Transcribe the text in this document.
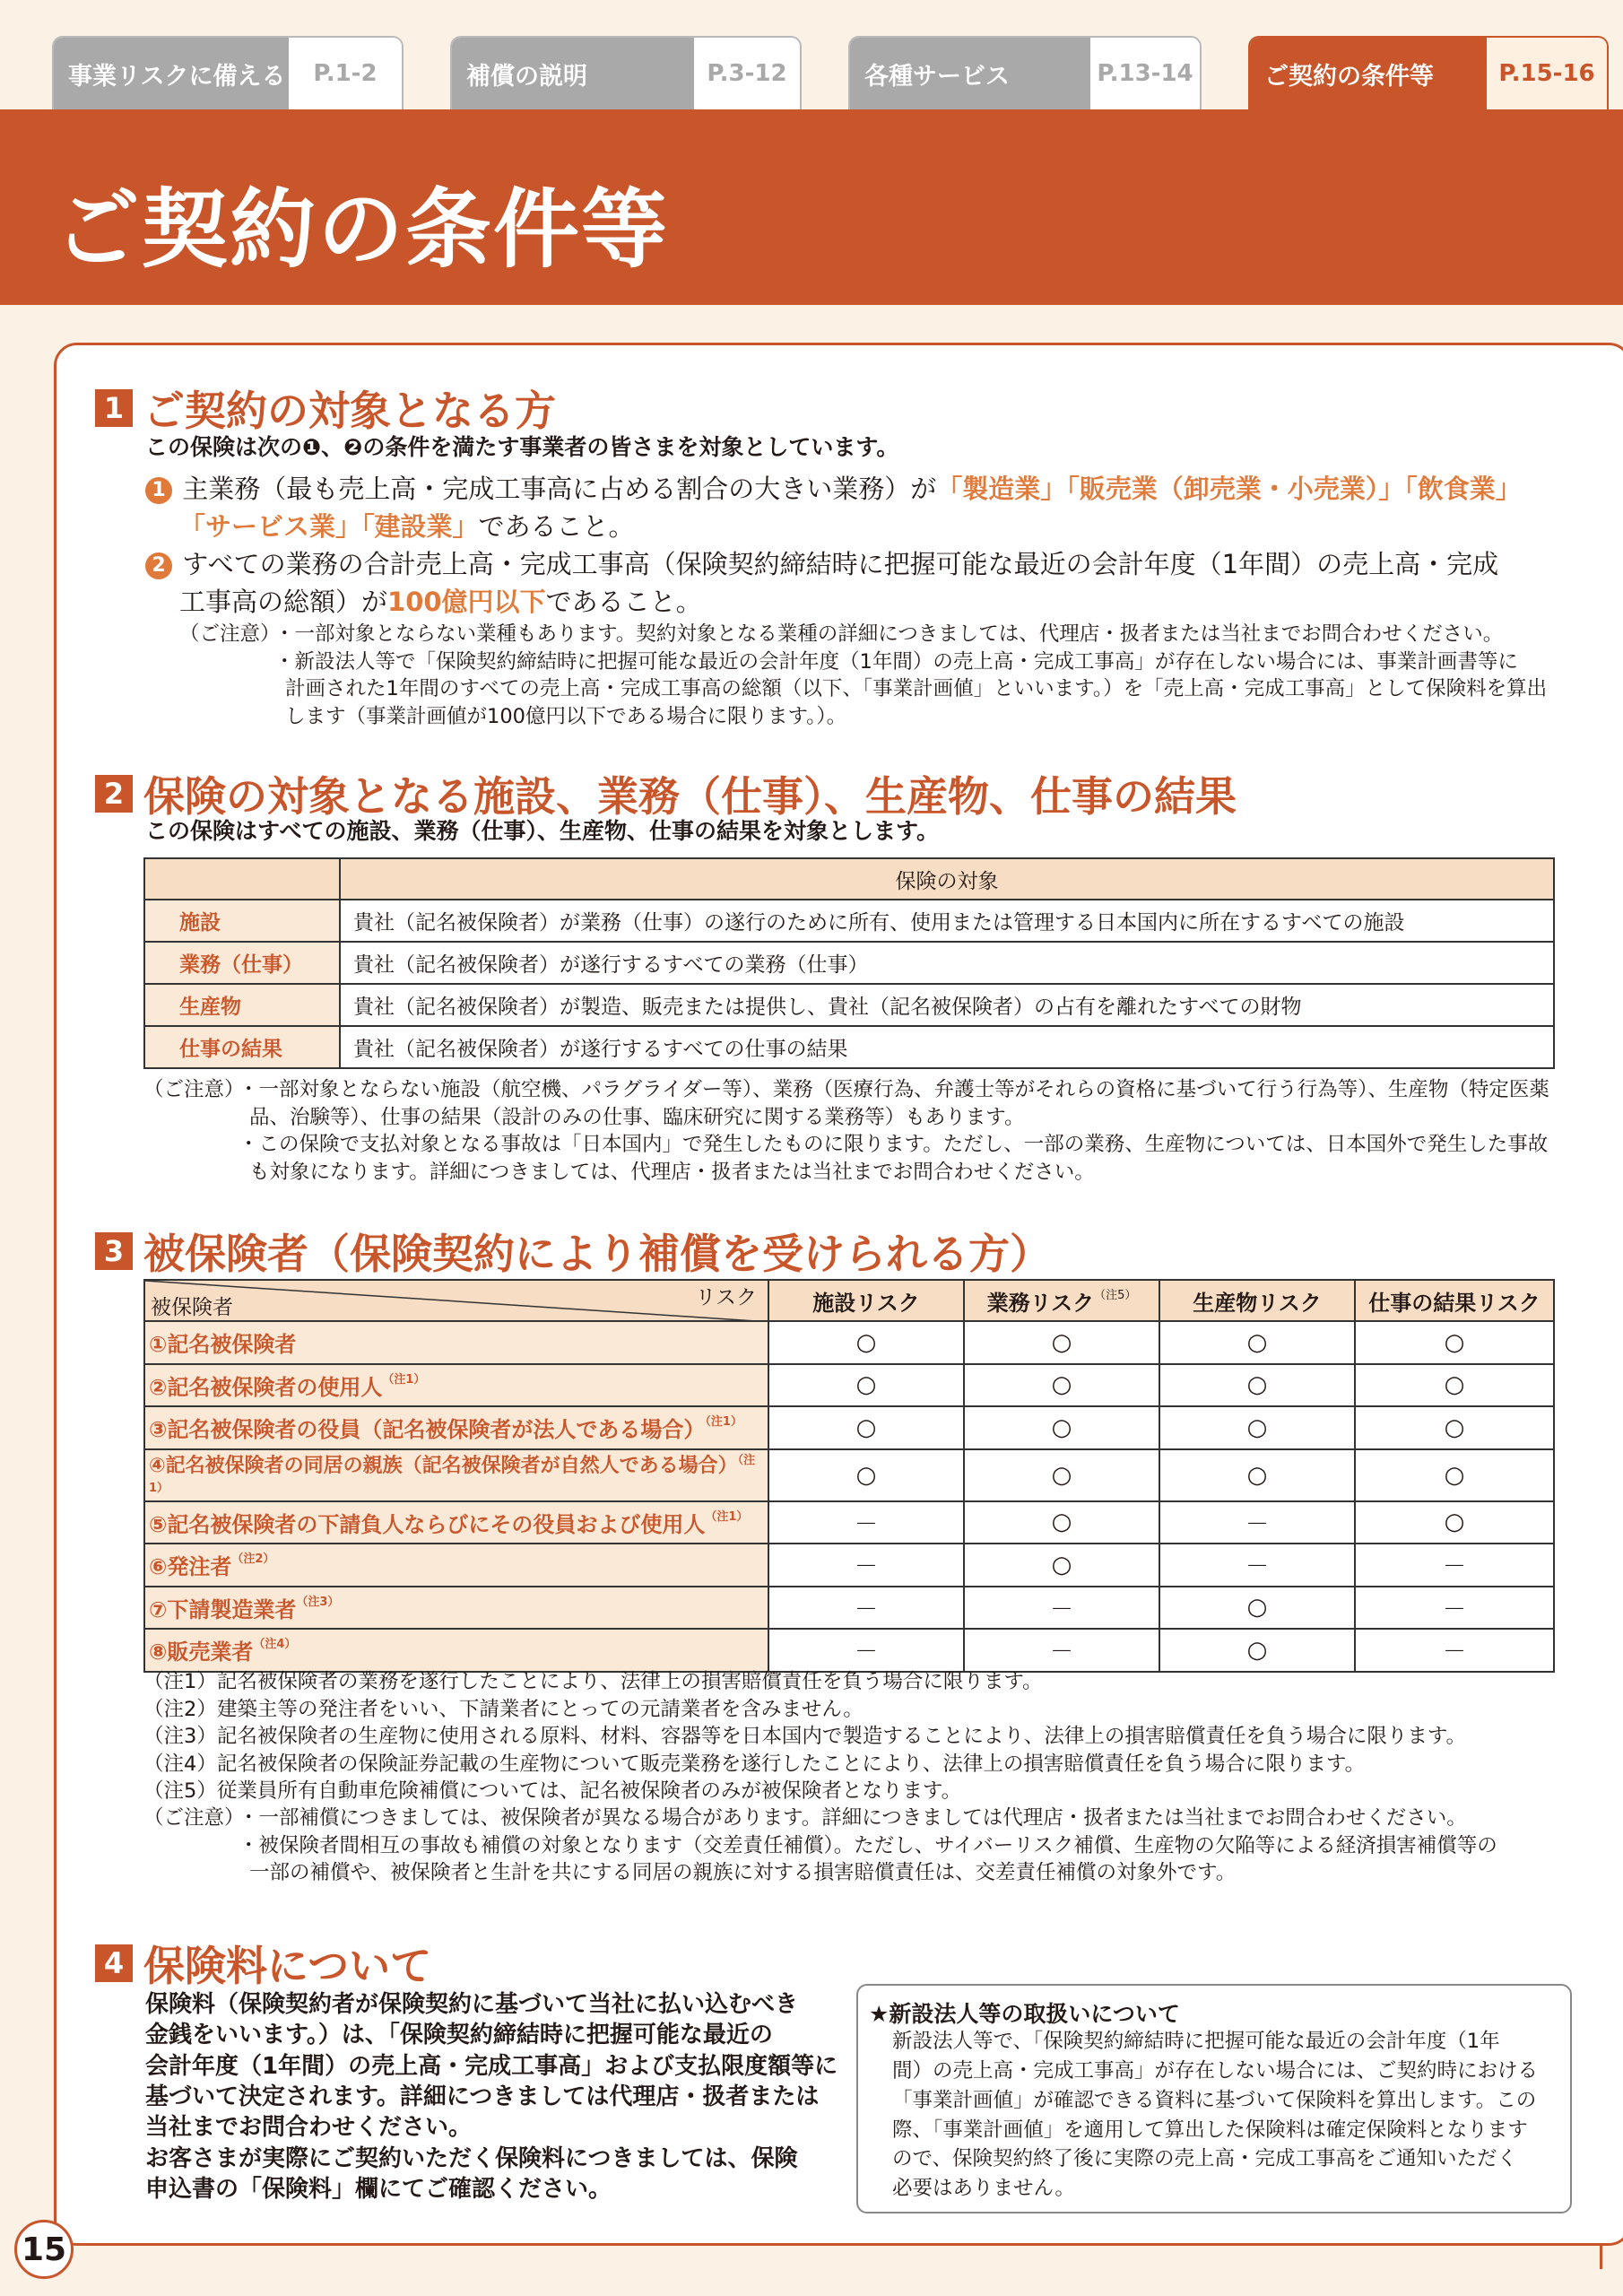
事業リスクに備える	P.1-2	補償の説明	P.3-12	各種サービス	P.13-14	ご契約の条件等	P.15-16
ご契約の条件等
1 ご契約の対象となる方
この保険は次の❶、❷の条件を満たす事業者の皆さまを対象としています。
1 主業務（最も売上高・完成工事高に占める割合の大きい業務）が「製造業」「販売業（卸売業・小売業）」「飲食業」
「サービス業」「建設業」であること。
2 すべての業務の合計売上高・完成工事高（保険契約締結時に把握可能な最近の会計年度（1年間）の売上高・完成
工事高の総額）が100億円以下であること。
（ご注意）
・一部対象とならない業種もあります。契約対象となる業種の詳細につきましては、代理店・扱者または当社までお問合わせください。
・新設法人等で「保険契約締結時に把握可能な最近の会計年度（1年間）の売上高・完成工事高」が存在しない場合には、事業計画書等に
計画された1年間のすべての売上高・完成工事高の総額（以下、「事業計画値」といいます。）を「売上高・完成工事高」として保険料を算出
します（事業計画値が100億円以下である場合に限ります。）。
2 保険の対象となる施設、業務（仕事）、生産物、仕事の結果
この保険はすべての施設、業務（仕事）、生産物、仕事の結果を対象とします。
	保険の対象
施設	貴社（記名被保険者）が業務（仕事）の遂行のために所有、使用または管理する日本国内に所在するすべての施設
業務（仕事）	貴社（記名被保険者）が遂行するすべての業務（仕事）
生産物	貴社（記名被保険者）が製造、販売または提供し、貴社（記名被保険者）の占有を離れたすべての財物
仕事の結果	貴社（記名被保険者）が遂行するすべての仕事の結果
（ご注意）
・一部対象とならない施設（航空機、パラグライダー等）、業務（医療行為、弁護士等がそれらの資格に基づいて行う行為等）、生産物（特定医薬
品、治験等）、仕事の結果（設計のみの仕事、臨床研究に関する業務等）もあります。
・この保険で支払対象となる事故は「日本国内」で発生したものに限ります。ただし、一部の業務、生産物については、日本国外で発生した事故
も対象になります。詳細につきましては、代理店・扱者または当社までお問合わせください。
3 被保険者（保険契約により補償を受けられる方）
リスク
被保険者	施設リスク	業務リスク$^{(注5)}$	生産物リスク	仕事の結果リスク
①記名被保険者	○	○	○	○
②記名被保険者の使用人$^{(注1)}$	○	○	○	○
③記名被保険者の役員（記名被保険者が法人である場合）$^{(注1)}$	○	○	○	○
④記名被保険者の同居の親族（記名被保険者が自然人である場合）$^{(注1)}$	○	○	○	○
⑤記名被保険者の下請負人ならびにその役員および使用人$^{(注1)}$	－	○	－	○
⑥発注者$^{(注2)}$	－	○	－	－
⑦下請製造業者$^{(注3)}$	－	－	○	－
⑧販売業者$^{(注4)}$	－	－	○	－
（注1）記名被保険者の業務を遂行したことにより、法律上の損害賠償責任を負う場合に限ります。
（注2）建築主等の発注者をいい、下請業者にとっての元請業者を含みません。
（注3）記名被保険者の生産物に使用される原料、材料、容器等を日本国内で製造することにより、法律上の損害賠償責任を負う場合に限ります。
（注4）記名被保険者の保険証券記載の生産物について販売業務を遂行したことにより、法律上の損害賠償責任を負う場合に限ります。
（注5）従業員所有自動車危険補償については、記名被保険者のみが被保険者となります。
（ご注意）
・一部補償につきましては、被保険者が異なる場合があります。詳細につきましては代理店・扱者または当社までお問合わせください。
・被保険者間相互の事故も補償の対象となります（交差責任補償）。ただし、サイバーリスク補償、生産物の欠陥等による経済損害補償等の
一部の補償や、被保険者と生計を共にする同居の親族に対する損害賠償責任は、交差責任補償の対象外です。
4 保険料について
保険料（保険契約者が保険契約に基づいて当社に払い込むべき
金銭をいいます。）は、「保険契約締結時に把握可能な最近の
会計年度（1年間）の売上高・完成工事高」および支払限度額等に
基づいて決定されます。詳細につきましては代理店・扱者または
当社までお問合わせください。
お客さまが実際にご契約いただく保険料につきましては、保険
申込書の「保険料」欄にてご確認ください。
★新設法人等の取扱いについて
新設法人等で、「保険契約締結時に把握可能な最近の会計年度（1年
間）の売上高・完成工事高」が存在しない場合には、ご契約時における
「事業計画値」が確認できる資料に基づいて保険料を算出します。この
際、「事業計画値」を適用して算出した保険料は確定保険料となります
ので、保険契約終了後に実際の売上高・完成工事高をご通知いただく
必要はありません。
15
